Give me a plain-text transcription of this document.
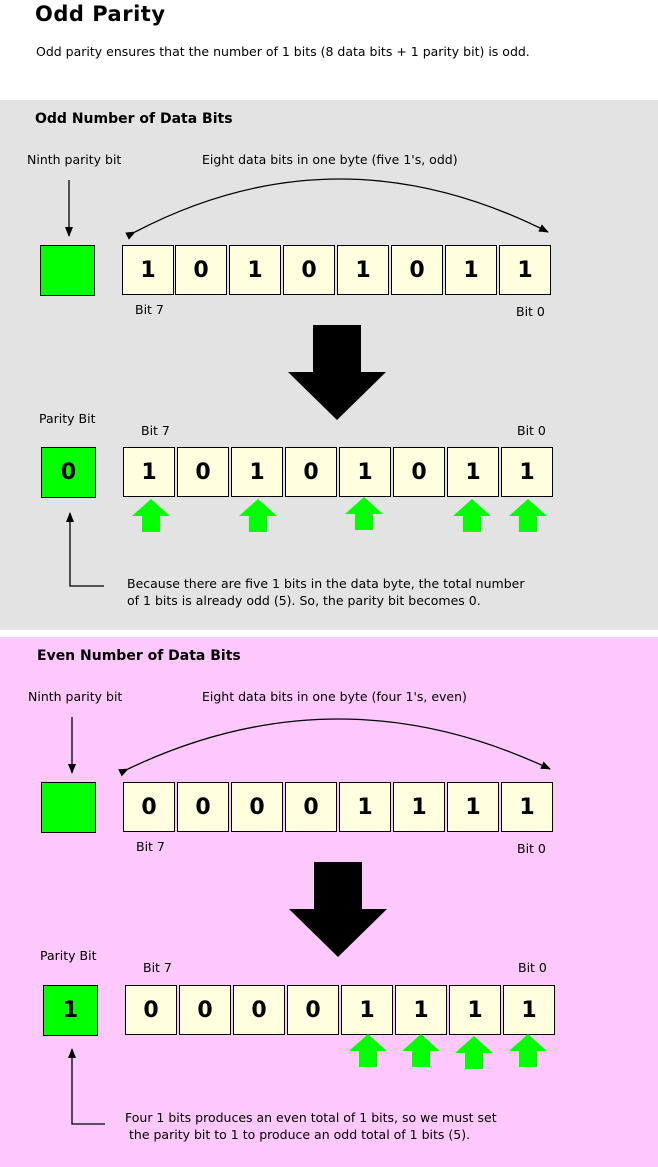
Odd Parity
Odd parity ensures that the number of 1 bits (8 data bits + 1 parity bit) is odd.
Odd Number of Data Bits
Ninth parity bit	Eight data bits in one byte (five 1's, odd)
1	0	1	0	1	0	1	1
Bit 7	Bit 0
Parity Bit
Bit 7	Bit 0
0	1	0	1	0	1	0	1	1
Because there are five 1 bits in the data byte, the total number
of 1 bits is already odd (5). So, the parity bit becomes 0.
Even Number of Data Bits
Ninth parity bit	Eight data bits in one byte (four 1's, even)
0	0	0	0	1	1	1	1
Bit 7	Bit 0
Parity Bit
Bit 7	Bit 0
1	0	0	0	0	1	1	1	1
Four 1 bits produces an even total of 1 bits, so we must set
the parity bit to 1 to produce an odd total of 1 bits (5).
